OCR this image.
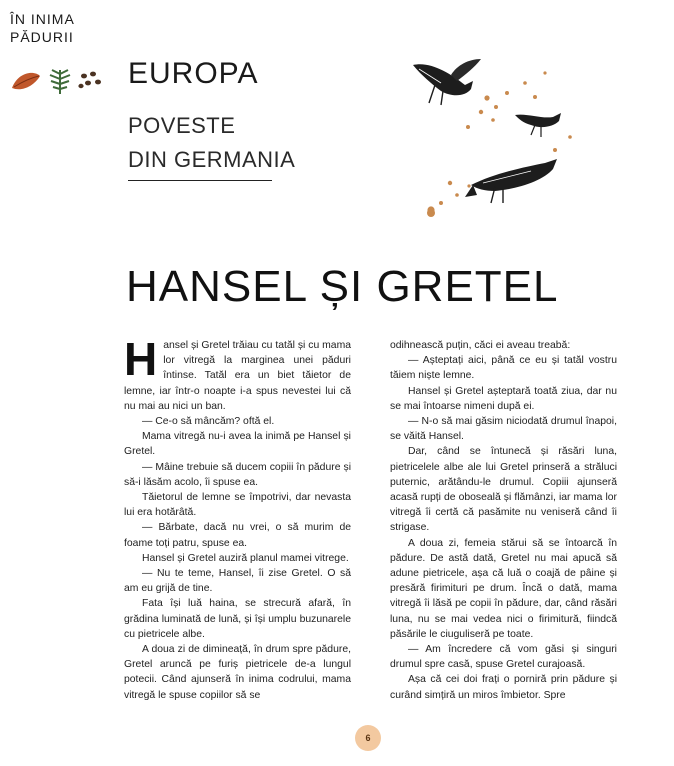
ÎN INIMA
PĂDURII
EUROPA
POVESTE
DIN GERMANIA
HANSEL ȘI GRETEL

Hansel și Gretel trăiau cu tatăl și cu mama lor vitregă la marginea unei păduri întinse. Tatăl era un biet tăietor de lemne, iar într-o noapte i-a spus nevestei lui că nu mai au nici un ban.

— Ce-o să mâncăm? oftă el.

Mama vitregă nu-i avea la inimă pe Hansel și Gretel.

— Mâine trebuie să ducem copiii în pădure și să-i lăsăm acolo, îi spuse ea.

Tăietorul de lemne se împotrivi, dar nevasta lui era hotărâtă.

— Bărbate, dacă nu vrei, o să murim de foame toți patru, spuse ea.

Hansel și Gretel auziră planul mamei vitrege.

— Nu te teme, Hansel, îi zise Gretel. O să am eu grijă de tine.

Fata își luă haina, se strecură afară, în grădina luminată de lună, și își umplu buzunarele cu pietricele albe.

A doua zi de dimineață, în drum spre pădure, Gretel aruncă pe furiș pietricele de-a lungul potecii. Când ajunseră în inima codrului, mama vitregă le spuse copiilor să se

odihnească puțin, căci ei aveau treabă:

— Așteptați aici, până ce eu și tatăl vostru tăiem niște lemne.

Hansel și Gretel așteptară toată ziua, dar nu se mai întoarse nimeni după ei.

— N-o să mai găsim niciodată drumul înapoi, se văită Hansel.

Dar, când se întunecă și răsări luna, pietricelele albe ale lui Gretel prinseră a străluci puternic, arătându-le drumul. Copiii ajunseră acasă rupți de oboseală și flămânzi, iar mama lor vitregă îi certă că pasămite nu veniseră când îi strigase.

A doua zi, femeia stărui să se întoarcă în pădure. De astă dată, Gretel nu mai apucă să adune pietricele, așa că luă o coajă de pâine și presără firimituri pe drum. Încă o dată, mama vitregă îi lăsă pe copii în pădure, dar, când răsări luna, nu se mai vedea nici o firimitură, fiindcă păsările le ciuguliseră pe toate.

— Am încredere că vom găsi și singuri drumul spre casă, spuse Gretel curajoasă.

Așa că cei doi frați o porniră prin pădure și curând simțiră un miros îmbietor. Spre

6
